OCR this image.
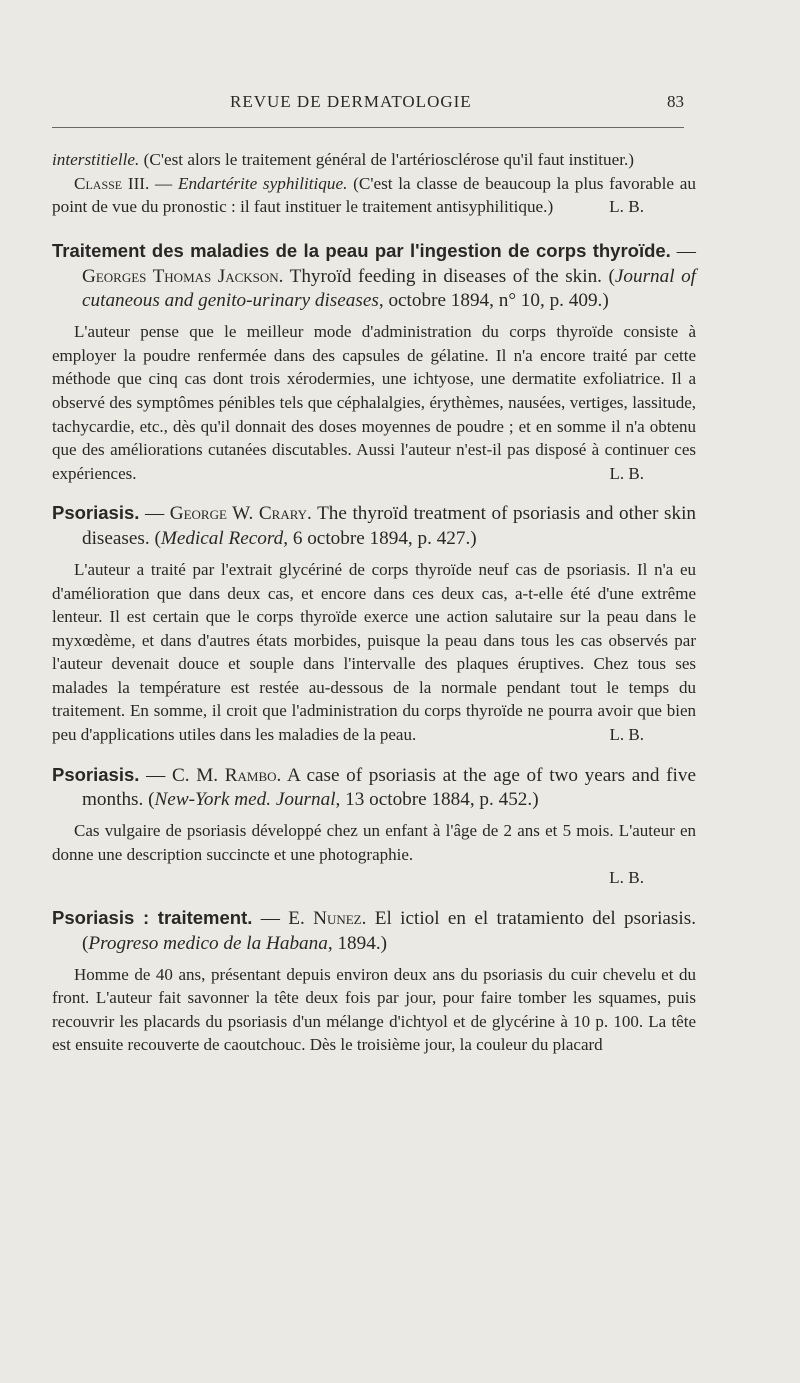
REVUE DE DERMATOLOGIE	83

interstitielle. (C'est alors le traitement général de l'artériosclérose qu'il faut instituer.)

Classe III. — Endartérite syphilitique. (C'est la classe de beaucoup la plus favorable au point de vue du pronostic : il faut instituer le traitement antisyphilitique.)	L. B.

Traitement des maladies de la peau par l'ingestion de corps thyroïde. — Georges Thomas Jackson. Thyroïd feeding in diseases of the skin. (Journal of cutaneous and genito-urinary diseases, octobre 1894, n° 10, p. 409.)

L'auteur pense que le meilleur mode d'administration du corps thyroïde consiste à employer la poudre renfermée dans des capsules de gélatine. Il n'a encore traité par cette méthode que cinq cas dont trois xérodermies, une ichtyose, une dermatite exfoliatrice. Il a observé des symptômes pénibles tels que céphalalgies, érythèmes, nausées, vertiges, lassitude, tachycardie, etc., dès qu'il donnait des doses moyennes de poudre ; et en somme il n'a obtenu que des améliorations cutanées discutables. Aussi l'auteur n'est-il pas disposé à continuer ces expériences.	L. B.

Psoriasis. — George W. Crary. The thyroïd treatment of psoriasis and other skin diseases. (Medical Record, 6 octobre 1894, p. 427.)

L'auteur a traité par l'extrait glycériné de corps thyroïde neuf cas de psoriasis. Il n'a eu d'amélioration que dans deux cas, et encore dans ces deux cas, a-t-elle été d'une extrême lenteur. Il est certain que le corps thyroïde exerce une action salutaire sur la peau dans le myxœdème, et dans d'autres états morbides, puisque la peau dans tous les cas observés par l'auteur devenait douce et souple dans l'intervalle des plaques éruptives. Chez tous ses malades la température est restée au-dessous de la normale pendant tout le temps du traitement. En somme, il croit que l'administration du corps thyroïde ne pourra avoir que bien peu d'applications utiles dans les maladies de la peau.	L. B.

Psoriasis. — C. M. Rambo. A case of psoriasis at the age of two years and five months. (New-York med. Journal, 13 octobre 1884, p. 452.)

Cas vulgaire de psoriasis développé chez un enfant à l'âge de 2 ans et 5 mois. L'auteur en donne une description succincte et une photographie.

L. B.

Psoriasis : traitement. — E. Nunez. El ictiol en el tratamiento del psoriasis. (Progreso medico de la Habana, 1894.)

Homme de 40 ans, présentant depuis environ deux ans du psoriasis du cuir chevelu et du front. L'auteur fait savonner la tête deux fois par jour, pour faire tomber les squames, puis recouvrir les placards du psoriasis d'un mélange d'ichtyol et de glycérine à 10 p. 100. La tête est ensuite recouverte de caoutchouc. Dès le troisième jour, la couleur du placard
